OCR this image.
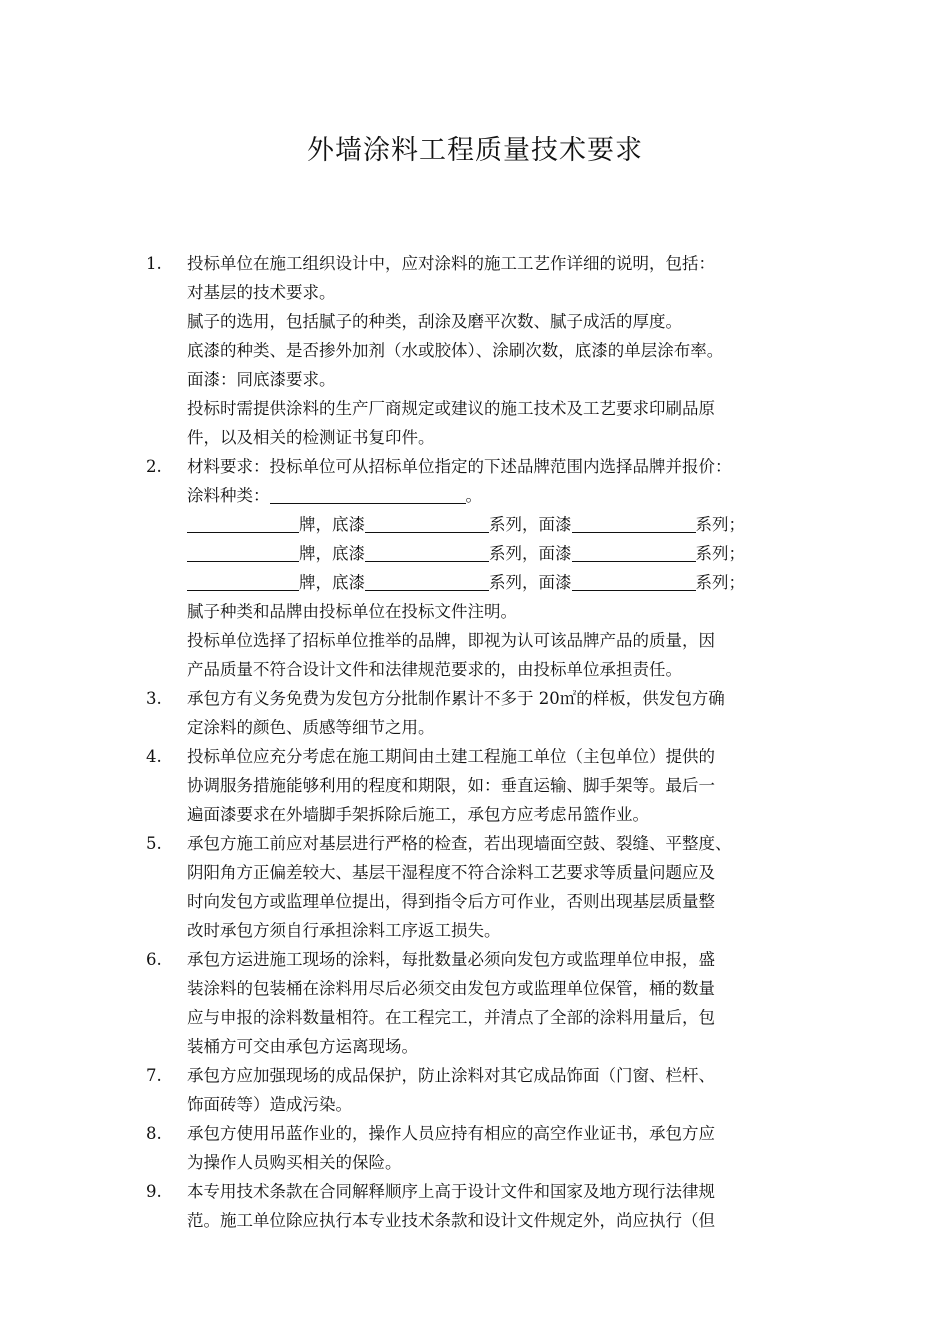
外墙涂料工程质量技术要求
1.	投标单位在施工组织设计中，应对涂料的施工工艺作详细的说明，包括：
对基层的技术要求。
腻子的选用，包括腻子的种类，刮涂及磨平次数、腻子成活的厚度。
底漆的种类、是否掺外加剂（水或胶体）、涂刷次数，底漆的单层涂布率。
面漆：同底漆要求。
投标时需提供涂料的生产厂商规定或建议的施工技术及工艺要求印刷品原
件，以及相关的检测证书复印件。
2.	材料要求：投标单位可从招标单位指定的下述品牌范围内选择品牌并报价：
涂料种类：	。
牌，底漆	系列，面漆	系列；
牌，底漆	系列，面漆	系列；
牌，底漆	系列，面漆	系列；
腻子种类和品牌由投标单位在投标文件注明。
投标单位选择了招标单位推举的品牌，即视为认可该品牌产品的质量，因
产品质量不符合设计文件和法律规范要求的，由投标单位承担责任。
3.	承包方有义务免费为发包方分批制作累计不多于 20㎡的样板，供发包方确
定涂料的颜色、质感等细节之用。
4.	投标单位应充分考虑在施工期间由土建工程施工单位（主包单位）提供的
协调服务措施能够利用的程度和期限，如：垂直运输、脚手架等。最后一
遍面漆要求在外墙脚手架拆除后施工，承包方应考虑吊篮作业。
5.	承包方施工前应对基层进行严格的检查，若出现墙面空鼓、裂缝、平整度、
阴阳角方正偏差较大、基层干湿程度不符合涂料工艺要求等质量问题应及
时向发包方或监理单位提出，得到指令后方可作业，否则出现基层质量整
改时承包方须自行承担涂料工序返工损失。
6.	承包方运进施工现场的涂料，每批数量必须向发包方或监理单位申报，盛
装涂料的包装桶在涂料用尽后必须交由发包方或监理单位保管，桶的数量
应与申报的涂料数量相符。在工程完工，并清点了全部的涂料用量后，包
装桶方可交由承包方运离现场。
7.	承包方应加强现场的成品保护，防止涂料对其它成品饰面（门窗、栏杆、
饰面砖等）造成污染。
8.	承包方使用吊蓝作业的，操作人员应持有相应的高空作业证书，承包方应
为操作人员购买相关的保险。
9.	本专用技术条款在合同解释顺序上高于设计文件和国家及地方现行法律规
范。施工单位除应执行本专业技术条款和设计文件规定外，尚应执行（但
